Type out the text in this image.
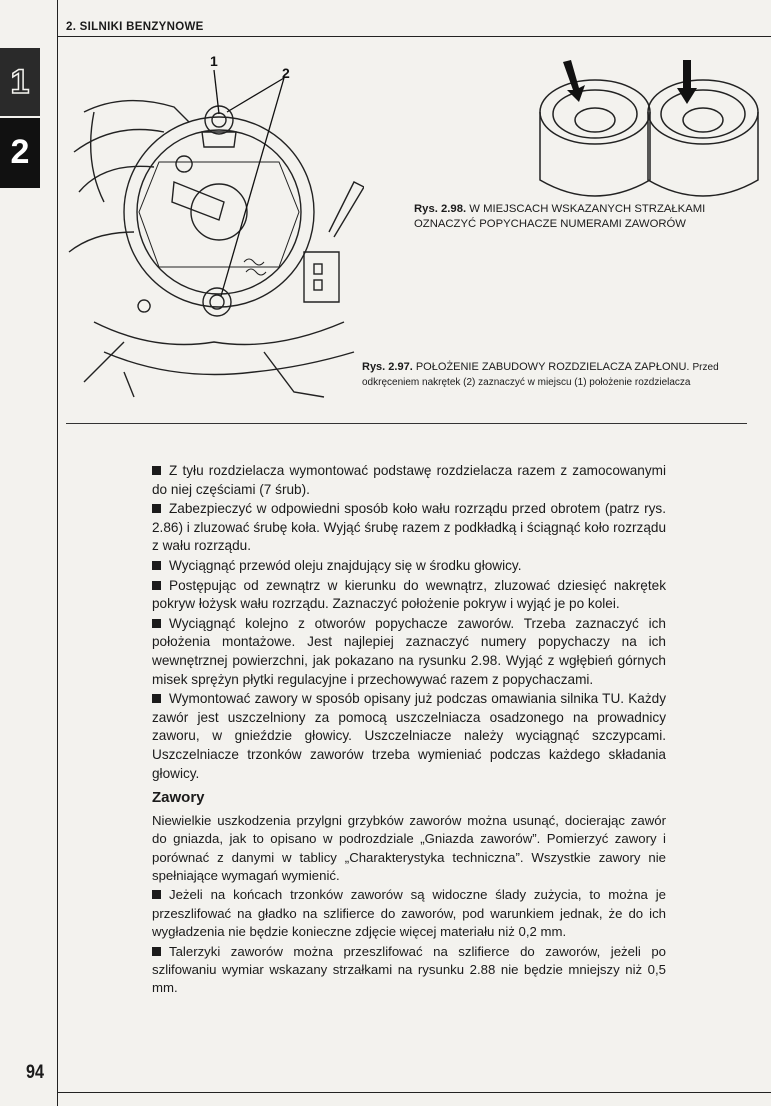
2. SILNIKI BENZYNOWE
1
2
1
2
Rys. 2.98. W MIEJSCACH WSKAZANYCH STRZAŁKAMI OZNACZYĆ POPYCHACZE NUMERAMI ZAWORÓW
Rys. 2.97. POŁOŻENIE ZABUDOWY ROZDZIELACZA ZAPŁONU. Przed odkręceniem nakrętek (2) zaznaczyć w miejscu (1) położenie rozdzielacza

Z tyłu rozdzielacza wymontować podstawę rozdzielacza razem z zamocowanymi do niej częściami (7 śrub).

Zabezpieczyć w odpowiedni sposób koło wału rozrządu przed obrotem (patrz rys. 2.86) i zluzować śrubę koła. Wyjąć śrubę razem z podkładką i ściągnąć koło rozrządu z wału rozrządu.

Wyciągnąć przewód oleju znajdujący się w środku głowicy.

Postępując od zewnątrz w kierunku do wewnątrz, zluzować dziesięć nakrętek pokryw łożysk wału rozrządu. Zaznaczyć położenie pokryw i wyjąć je po kolei.

Wyciągnąć kolejno z otworów popychacze zaworów. Trzeba zaznaczyć ich położenia montażowe. Jest najlepiej zaznaczyć numery popychaczy na ich wewnętrznej powierzchni, jak pokazano na rysunku 2.98. Wyjąć z wgłębień górnych misek sprężyn płytki regulacyjne i przechowywać razem z popychaczami.

Wymontować zawory w sposób opisany już podczas omawiania silnika TU. Każdy zawór jest uszczelniony za pomocą uszczelniacza osadzonego na prowadnicy zaworu, w gnieździe głowicy. Uszczelniacze należy wyciągnąć szczypcami. Uszczelniacze trzonków zaworów trzeba wymieniać podczas każdego składania głowicy.

Zawory

Niewielkie uszkodzenia przylgni grzybków zaworów można usunąć, docierając zawór do gniazda, jak to opisano w podrozdziale „Gniazda zaworów”. Pomierzyć zawory i porównać z danymi w tablicy „Charakterystyka techniczna”. Wszystkie zawory nie spełniające wymagań wymienić.

Jeżeli na końcach trzonków zaworów są widoczne ślady zużycia, to można je przeszlifować na gładko na szlifierce do zaworów, pod warunkiem jednak, że do ich wygładzenia nie będzie konieczne zdjęcie więcej materiału niż 0,2 mm.

Talerzyki zaworów można przeszlifować na szlifierce do zaworów, jeżeli po szlifowaniu wymiar wskazany strzałkami na rysunku 2.88 nie będzie mniejszy niż 0,5 mm.

94
